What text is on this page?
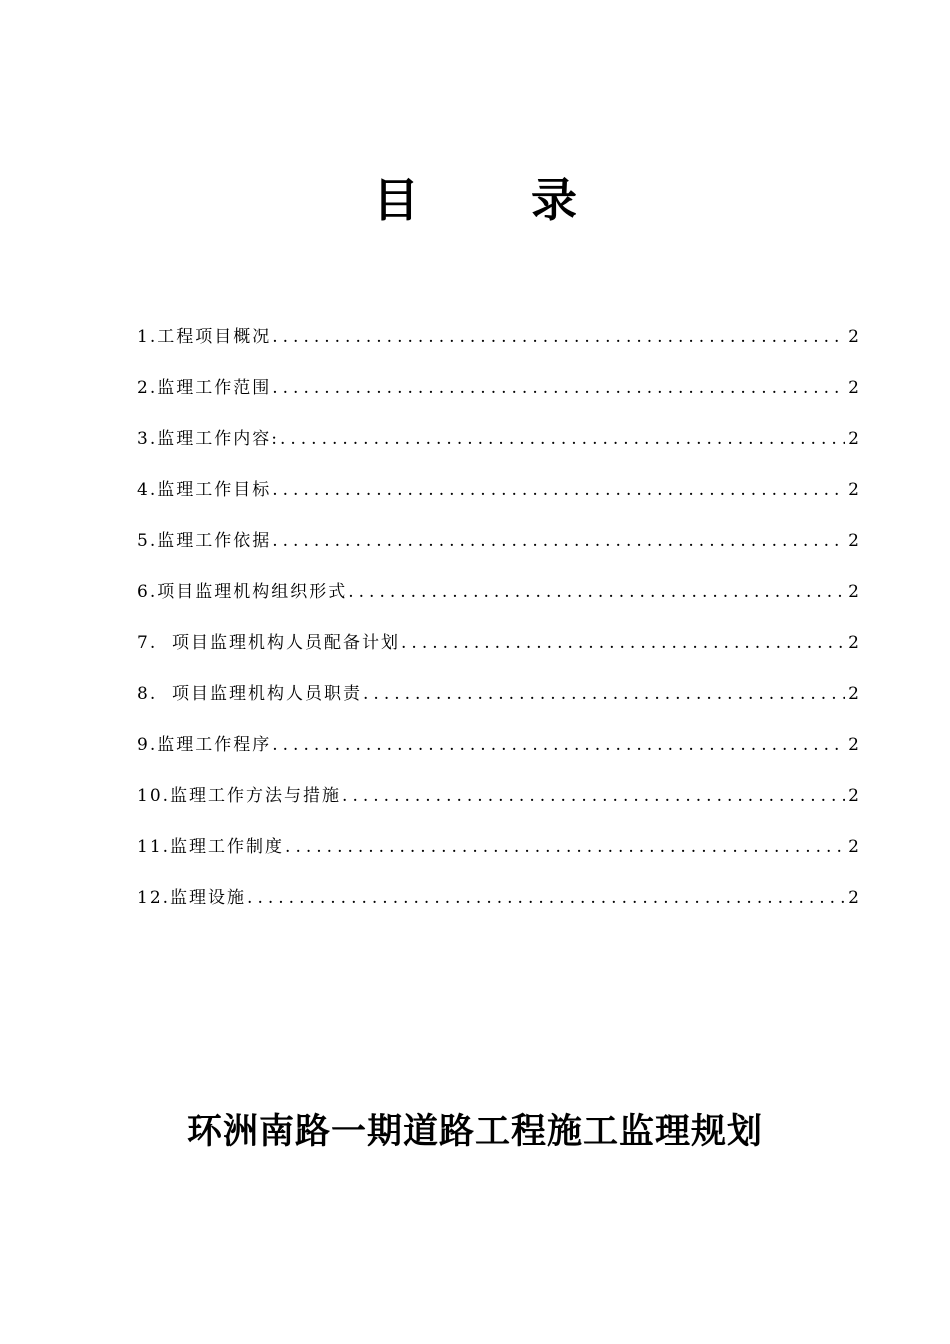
目 录
1.工程项目概况 .....	2
2.监理工作范围 .....	2
3.监理工作内容: .....	2
4.监理工作目标 .....	2
5.监理工作依据 .....	2
6.项目监理机构组织形式 .....	2
7.  项目监理机构人员配备计划 .....	2
8.  项目监理机构人员职责 .....	2
9.监理工作程序 .....	2
10.监理工作方法与措施 .....	2
11.监理工作制度 .....	2
12.监理设施 .....	2
环洲南路一期道路工程施工监理规划
